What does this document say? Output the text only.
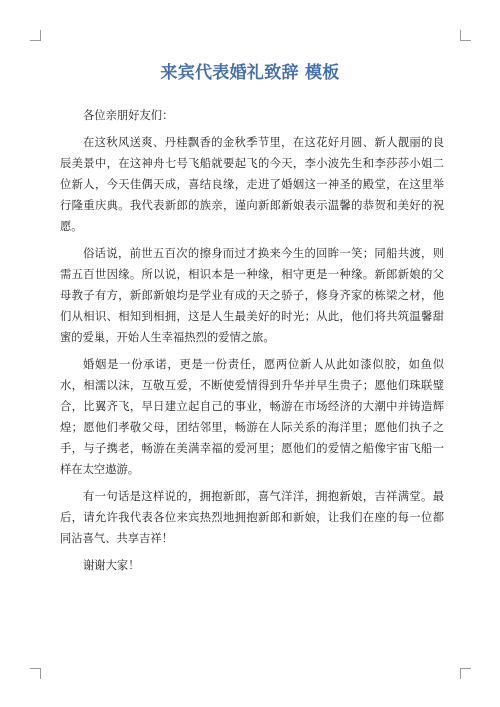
来宾代表婚礼致辞 模板

各位亲朋好友们：

在这秋风送爽、丹桂飘香的金秋季节里，在这花好月圆、新人靓丽的良辰美景中，在这神舟七号飞船就要起飞的今天，李小波先生和李莎莎小姐二位新人，今天佳偶天成，喜结良缘，走进了婚姻这一神圣的殿堂，在这里举行隆重庆典。我代表新郎的族亲，谨向新郎新娘表示温馨的恭贺和美好的祝愿。

俗话说，前世五百次的擦身而过才换来今生的回眸一笑；同船共渡，则需五百世因缘。所以说，相识本是一种缘，相守更是一种缘。新郎新娘的父母教子有方，新郎新娘均是学业有成的天之骄子，修身齐家的栋梁之材，他们从相识、相知到相拥，这是人生最美好的时光；从此，他们将共筑温馨甜蜜的爱巢，开始人生幸福热烈的爱情之旅。

婚姻是一份承诺，更是一份责任，愿两位新人从此如漆似胶，如鱼似水，相濡以沫，互敬互爱，不断使爱情得到升华并早生贵子；愿他们珠联璧合，比翼齐飞，早日建立起自己的事业，畅游在市场经济的大潮中并铸造辉煌；愿他们孝敬父母，团结邻里，畅游在人际关系的海洋里；愿他们执子之手，与子携老，畅游在美满幸福的爱河里；愿他们的爱情之船像宇宙飞船一样在太空遨游。

有一句话是这样说的，拥抱新郎，喜气洋洋，拥抱新娘，吉祥满堂。最后，请允许我代表各位来宾热烈地拥抱新郎和新娘，让我们在座的每一位都同沾喜气、共享吉祥！

谢谢大家！
